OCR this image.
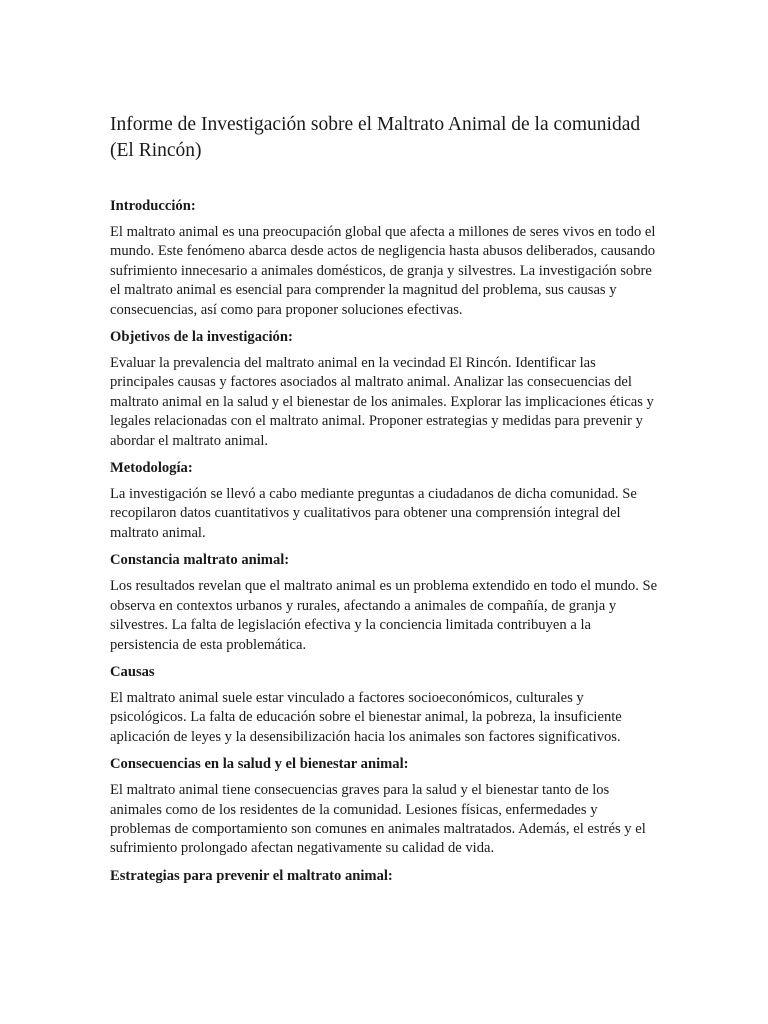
Informe de Investigación sobre el Maltrato Animal de la comunidad (El Rincón)
Introducción:

El maltrato animal es una preocupación global que afecta a millones de seres vivos en todo el mundo. Este fenómeno abarca desde actos de negligencia hasta abusos deliberados, causando sufrimiento innecesario a animales domésticos, de granja y silvestres. La investigación sobre el maltrato animal es esencial para comprender la magnitud del problema, sus causas y consecuencias, así como para proponer soluciones efectivas.

Objetivos de la investigación:

Evaluar la prevalencia del maltrato animal en la vecindad El Rincón. Identificar las principales causas y factores asociados al maltrato animal. Analizar las consecuencias del maltrato animal en la salud y el bienestar de los animales. Explorar las implicaciones éticas y legales relacionadas con el maltrato animal. Proponer estrategias y medidas para prevenir y abordar el maltrato animal.

Metodología:

La investigación se llevó a cabo mediante preguntas a ciudadanos de dicha comunidad. Se recopilaron datos cuantitativos y cualitativos para obtener una comprensión integral del maltrato animal.

Constancia maltrato animal:

Los resultados revelan que el maltrato animal es un problema extendido en todo el mundo. Se observa en contextos urbanos y rurales, afectando a animales de compañía, de granja y silvestres. La falta de legislación efectiva y la conciencia limitada contribuyen a la persistencia de esta problemática.

Causas

El maltrato animal suele estar vinculado a factores socioeconómicos, culturales y psicológicos. La falta de educación sobre el bienestar animal, la pobreza, la insuficiente aplicación de leyes y la desensibilización hacia los animales son factores significativos.

Consecuencias en la salud y el bienestar animal:

El maltrato animal tiene consecuencias graves para la salud y el bienestar tanto de los animales como de los residentes de la comunidad. Lesiones físicas, enfermedades y problemas de comportamiento son comunes en animales maltratados. Además, el estrés y el sufrimiento prolongado afectan negativamente su calidad de vida.

Estrategias para prevenir el maltrato animal:
